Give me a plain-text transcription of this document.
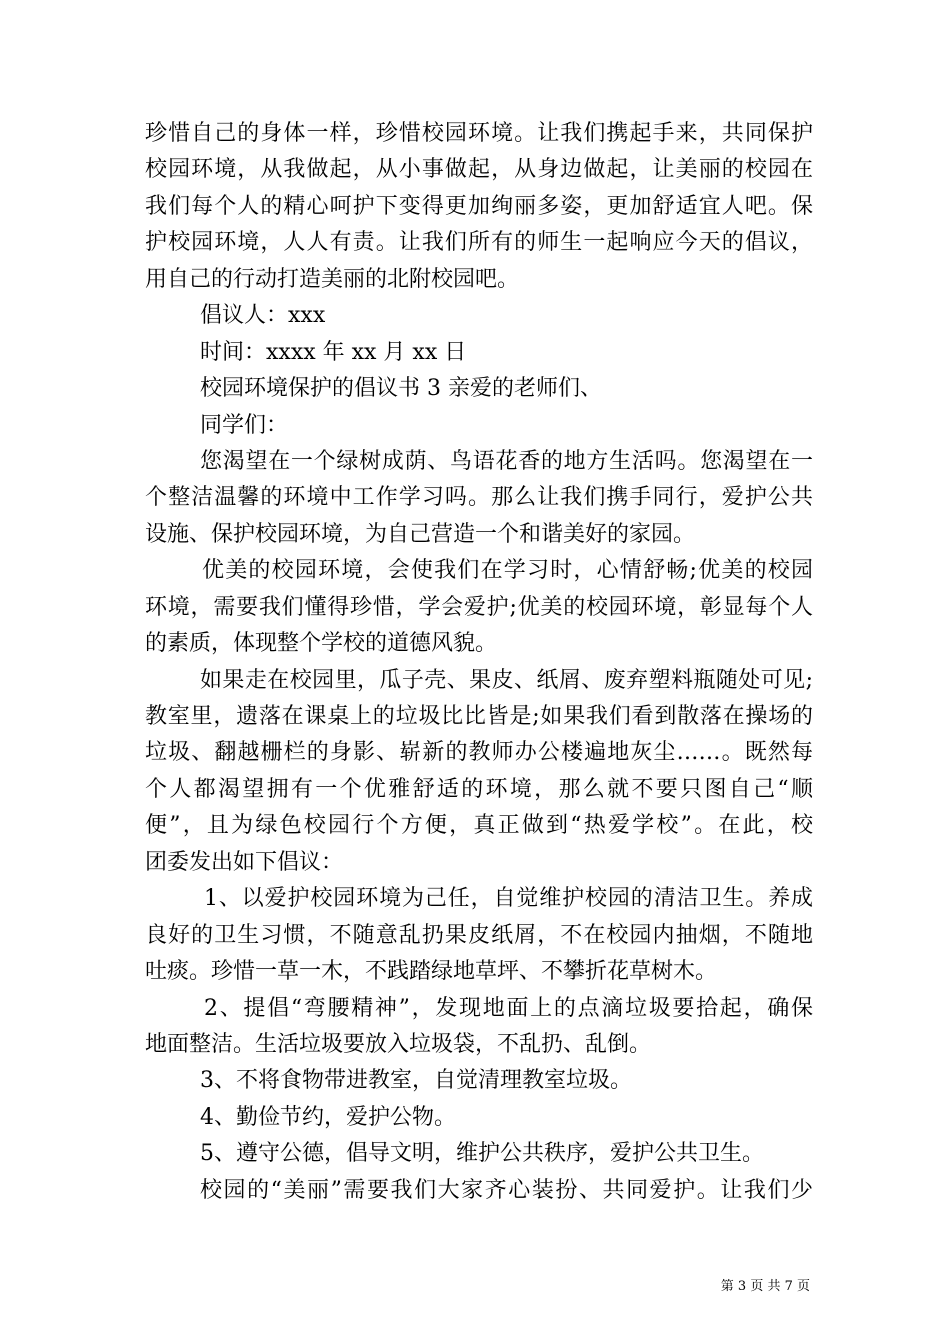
珍惜自己的身体一样，珍惜校园环境。让我们携起手来，共同保护
校园环境，从我做起，从小事做起，从身边做起，让美丽的校园在
我们每个人的精心呵护下变得更加绚丽多姿，更加舒适宜人吧。保
护校园环境，人人有责。让我们所有的师生一起响应今天的倡议，
用自己的行动打造美丽的北附校园吧。
倡议人：xxx
时间：xxxx 年 xx 月 xx 日
校园环境保护的倡议书 3 亲爱的老师们、
同学们：
您渴望在一个绿树成荫、鸟语花香的地方生活吗。您渴望在一
个整洁温馨的环境中工作学习吗。那么让我们携手同行，爱护公共
设施、保护校园环境，为自己营造一个和谐美好的家园。
优美的校园环境，会使我们在学习时，心情舒畅;优美的校园
环境，需要我们懂得珍惜，学会爱护;优美的校园环境，彰显每个人
的素质，体现整个学校的道德风貌。
如果走在校园里，瓜子壳、果皮、纸屑、废弃塑料瓶随处可见;
教室里，遗落在课桌上的垃圾比比皆是;如果我们看到散落在操场的
垃圾、翻越栅栏的身影、崭新的教师办公楼遍地灰尘……。既然每
个人都渴望拥有一个优雅舒适的环境，那么就不要只图自己“顺
便”，且为绿色校园行个方便，真正做到“热爱学校”。在此，校
团委发出如下倡议：
1、以爱护校园环境为己任，自觉维护校园的清洁卫生。养成
良好的卫生习惯，不随意乱扔果皮纸屑，不在校园内抽烟，不随地
吐痰。珍惜一草一木，不践踏绿地草坪、不攀折花草树木。
2、提倡“弯腰精神”，发现地面上的点滴垃圾要拾起，确保
地面整洁。生活垃圾要放入垃圾袋，不乱扔、乱倒。
3、不将食物带进教室，自觉清理教室垃圾。
4、勤俭节约，爱护公物。
5、遵守公德，倡导文明，维护公共秩序，爱护公共卫生。
校园的“美丽”需要我们大家齐心装扮、共同爱护。让我们少
第 3 页 共 7 页
